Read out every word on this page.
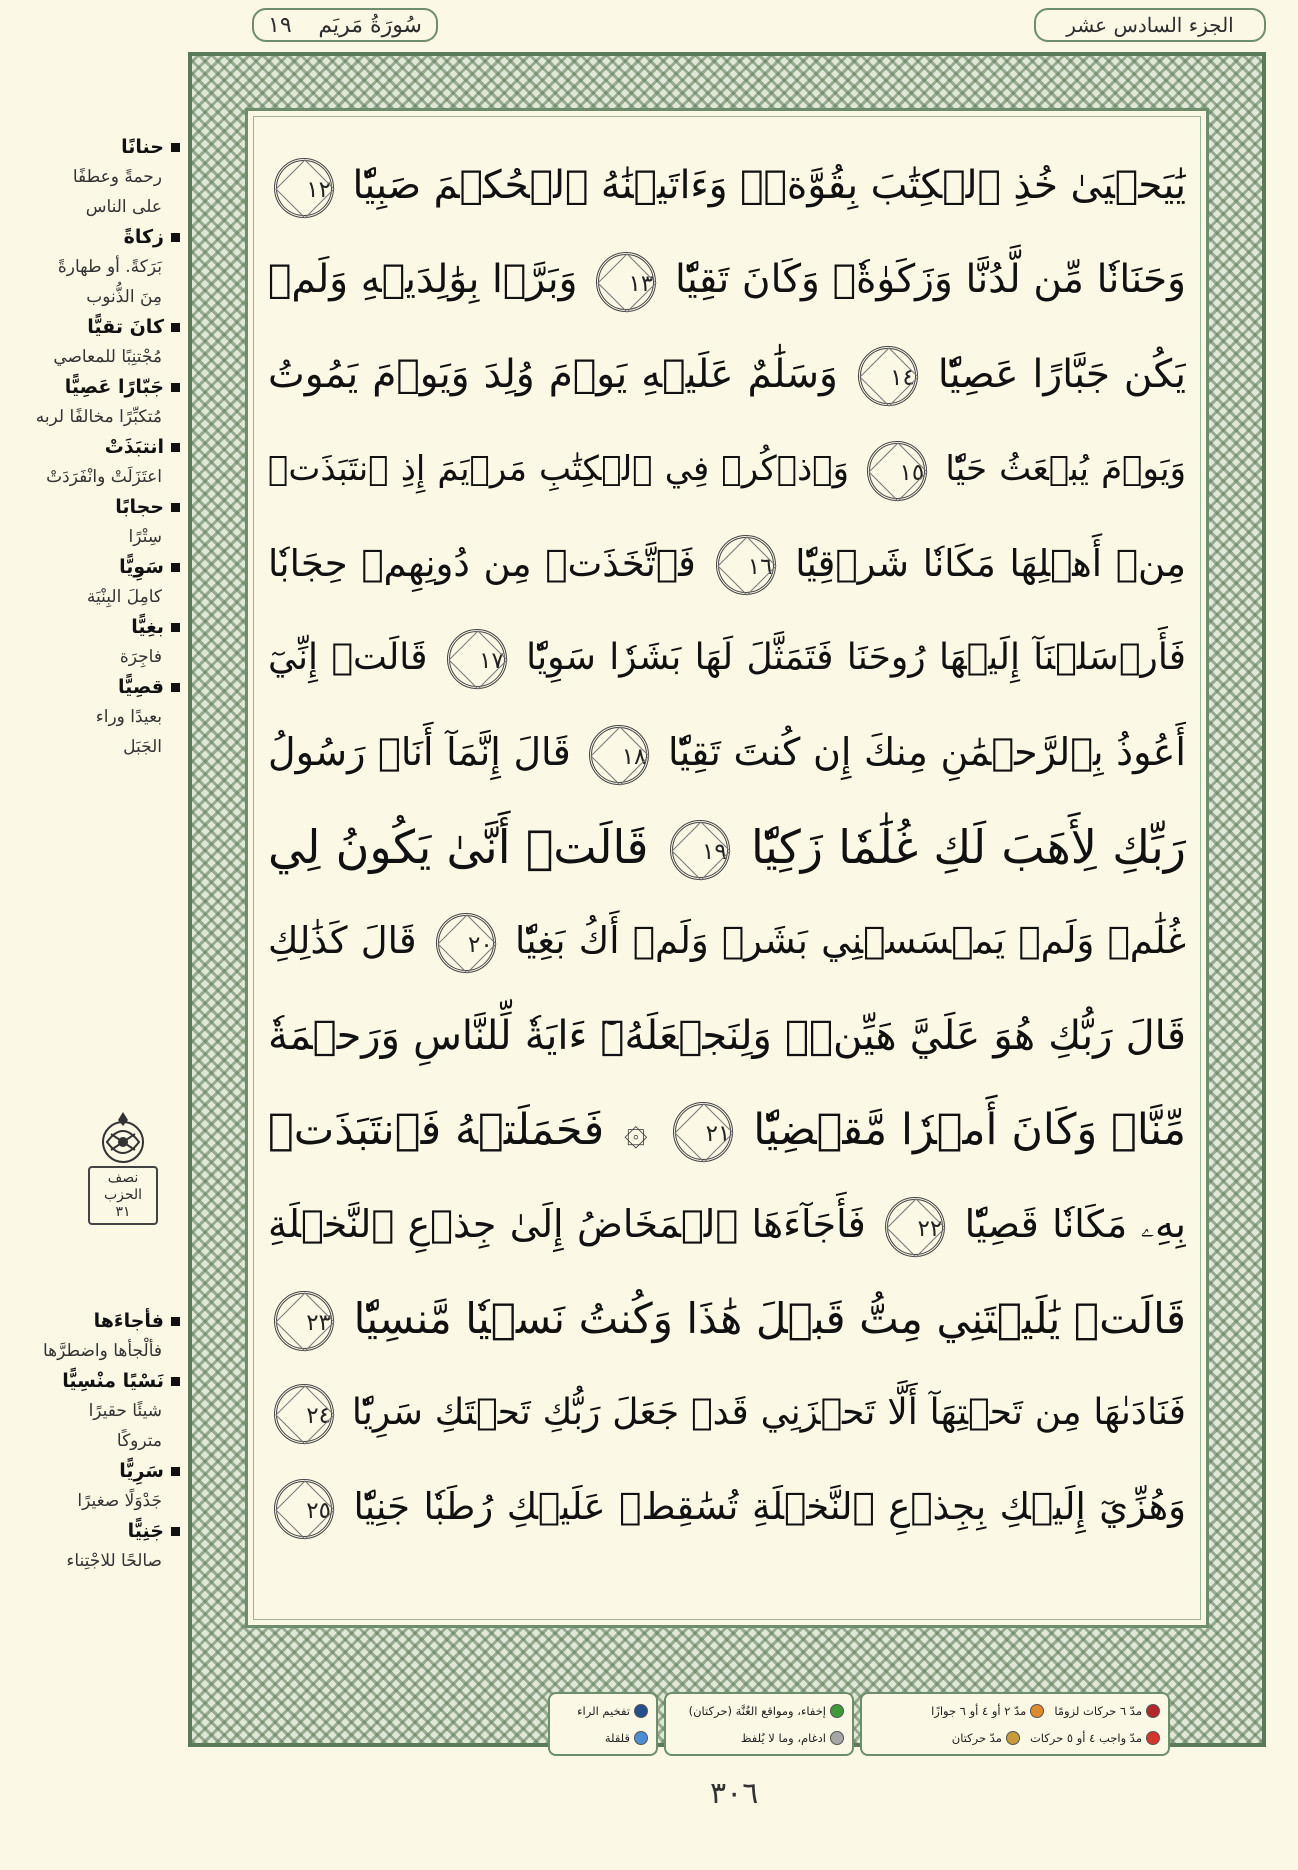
حنانًا
رحمةً وعطفًا
على الناس
زكاةً
بَرَكةً. أو طهارةً
مِنَ الذُّنوب
كانَ تقيًّا
مُجْتنِبًا للمعاصي
جَبّارًا عَصِيًّا
مُتكبِّرًا مخالفًا لربه
انتبَذَتْ
اعتَزَلَتْ وانْفَرَدَتْ
حجابًا
سِتْرًا
سَوِيًّا
كامِلَ البِنْيَة
بغِيًّا
فاجِرَة
قصِيًّا
بعيدًا وراء
الجَبَل
نصف
الحزب
٣١
فأجاءَها
فألْجأها واضطرَّها
نَسْيًا منْسِيًّا
شيئًا حقيرًا
متروكًا
سَرِيًّا
جَدْوَلًا صغيرًا
جَنِيًّا
صالحًا للاجْتِناء
الجزء السادس عشر
سُورَةُ مَريَم
١٩
يَٰيَحۡيَىٰ خُذِ ٱلۡكِتَٰبَ بِقُوَّةٖۖ وَءَاتَيۡنَٰهُ ٱلۡحُكۡمَ صَبِيّٗا ١٢
وَحَنَانٗا مِّن لَّدُنَّا وَزَكَوٰةٗۖ وَكَانَ تَقِيّٗا ١٣ وَبَرَّۢا بِوَٰلِدَيۡهِ وَلَمۡ
يَكُن جَبَّارًا عَصِيّٗا ١٤ وَسَلَٰمٌ عَلَيۡهِ يَوۡمَ وُلِدَ وَيَوۡمَ يَمُوتُ
وَيَوۡمَ يُبۡعَثُ حَيّٗا ١٥ وَٱذۡكُرۡ فِي ٱلۡكِتَٰبِ مَرۡيَمَ إِذِ ٱنتَبَذَتۡ
مِنۡ أَهۡلِهَا مَكَانٗا شَرۡقِيّٗا ١٦ فَٱتَّخَذَتۡ مِن دُونِهِمۡ حِجَابٗا
فَأَرۡسَلۡنَآ إِلَيۡهَا رُوحَنَا فَتَمَثَّلَ لَهَا بَشَرٗا سَوِيّٗا ١٧ قَالَتۡ إِنِّيٓ
أَعُوذُ بِٱلرَّحۡمَٰنِ مِنكَ إِن كُنتَ تَقِيّٗا ١٨ قَالَ إِنَّمَآ أَنَا۠ رَسُولُ
رَبِّكِ لِأَهَبَ لَكِ غُلَٰمٗا زَكِيّٗا ١٩ قَالَتۡ أَنَّىٰ يَكُونُ لِي
غُلَٰمٞ وَلَمۡ يَمۡسَسۡنِي بَشَرٞ وَلَمۡ أَكُ بَغِيّٗا ٢٠ قَالَ كَذَٰلِكِ
قَالَ رَبُّكِ هُوَ عَلَيَّ هَيِّنٞۖ وَلِنَجۡعَلَهُۥٓ ءَايَةٗ لِّلنَّاسِ وَرَحۡمَةٗ
مِّنَّاۚ وَكَانَ أَمۡرٗا مَّقۡضِيّٗا ٢١ ۞ فَحَمَلَتۡهُ فَٱنتَبَذَتۡ
بِهِۦ مَكَانٗا قَصِيّٗا ٢٢ فَأَجَآءَهَا ٱلۡمَخَاضُ إِلَىٰ جِذۡعِ ٱلنَّخۡلَةِ
قَالَتۡ يَٰلَيۡتَنِي مِتُّ قَبۡلَ هَٰذَا وَكُنتُ نَسۡيٗا مَّنسِيّٗا ٢٣
فَنَادَىٰهَا مِن تَحۡتِهَآ أَلَّا تَحۡزَنِي قَدۡ جَعَلَ رَبُّكِ تَحۡتَكِ سَرِيّٗا ٢٤
وَهُزِّيٓ إِلَيۡكِ بِجِذۡعِ ٱلنَّخۡلَةِ تُسَٰقِطۡ عَلَيۡكِ رُطَبٗا جَنِيّٗا ٢٥
مدّ ٦ حركات لزومًا
مدّ ٢ أو ٤ أو ٦ جوازًا
مدّ واجب ٤ أو ٥ حركات
مدّ حركتان
إخفاء، ومواقع الغُنَّة (حركتان)
ادغام، وما لا يُلفظ
تفخيم الراء
قلقلة
٣٠٦
